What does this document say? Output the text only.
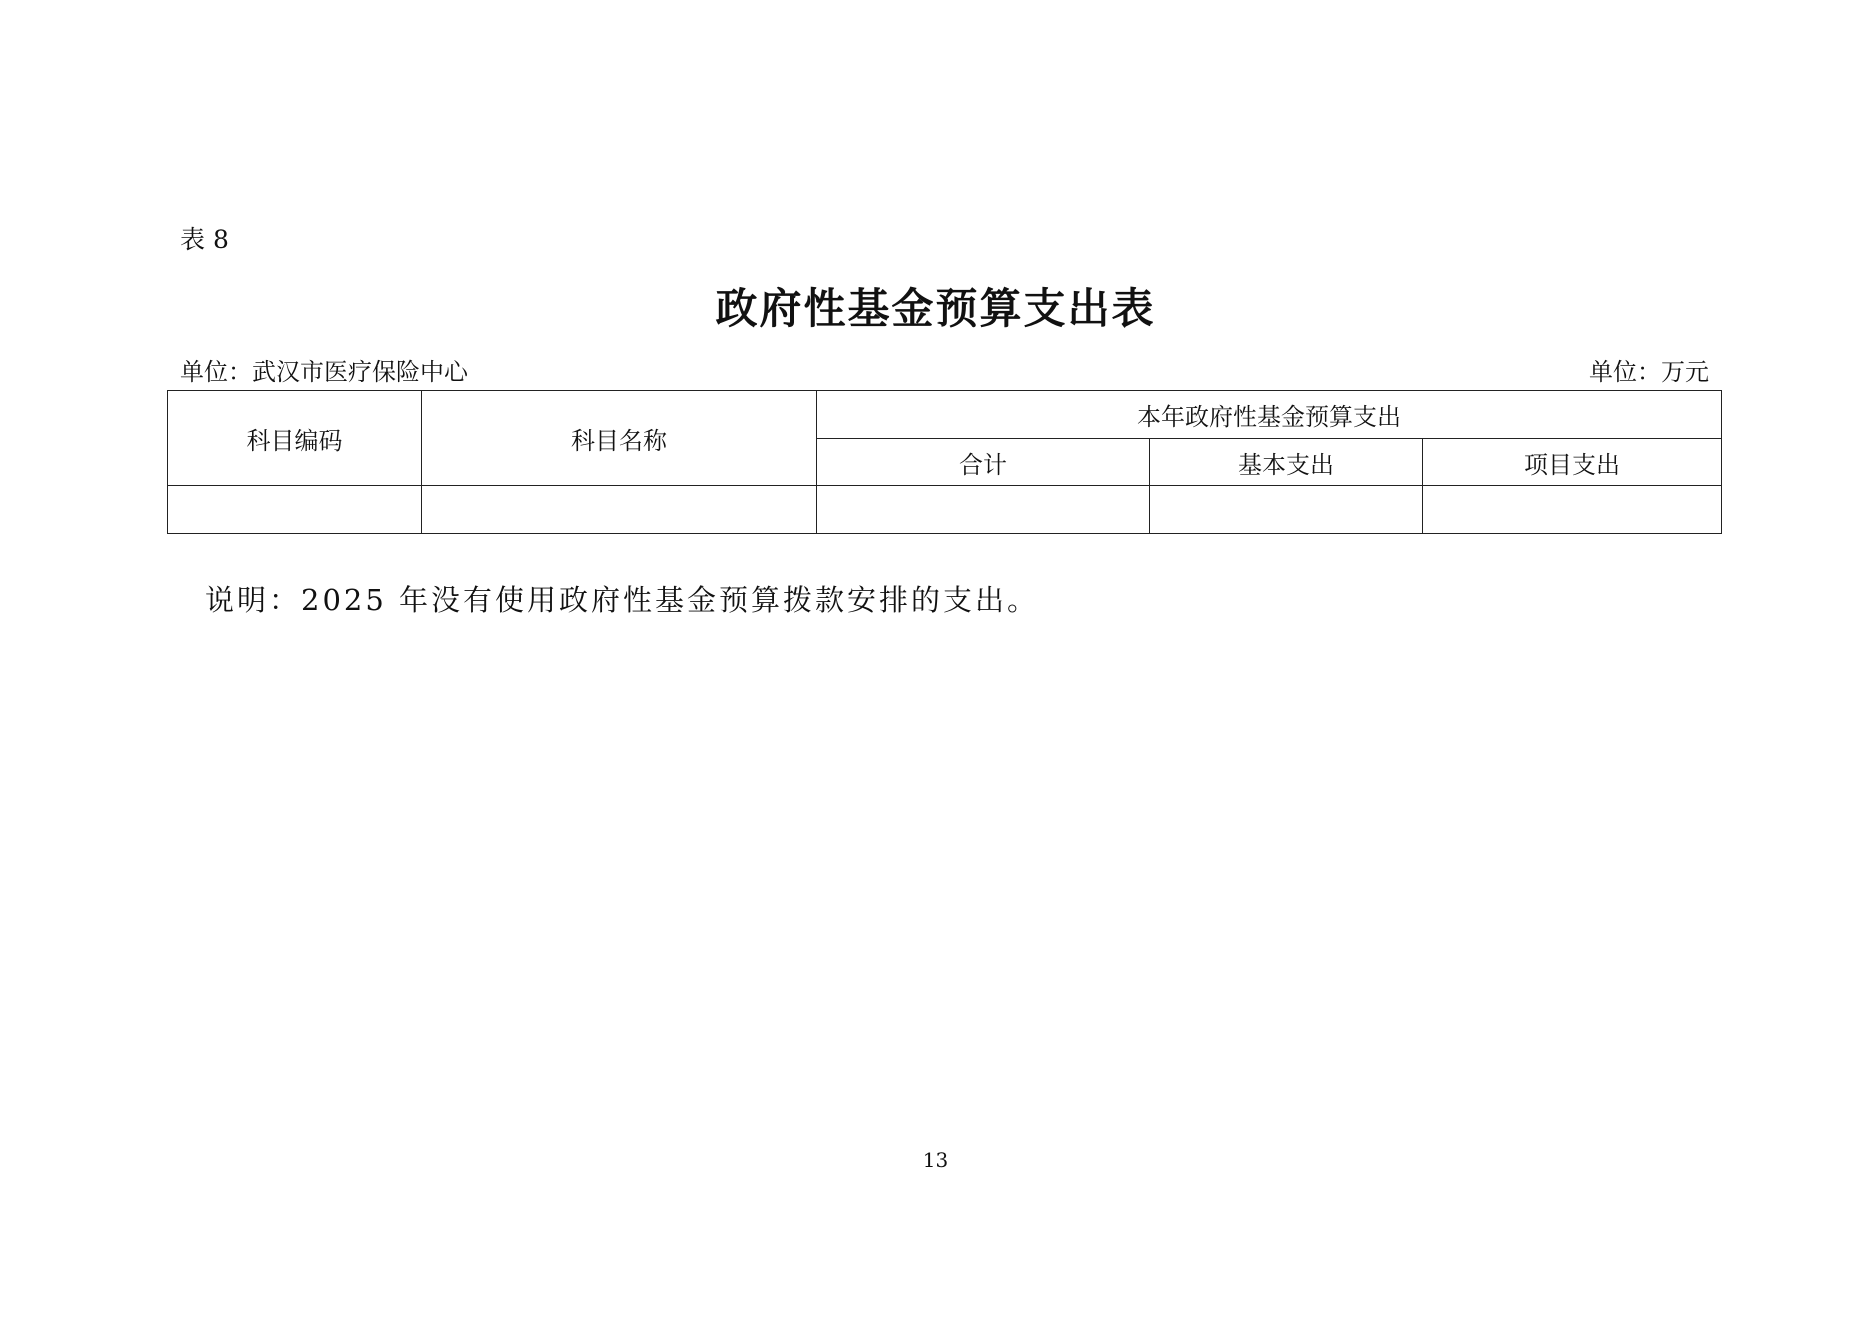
表 8
政府性基金预算支出表
单位：武汉市医疗保险中心	单位：万元
科目编码	科目名称	本年政府性基金预算支出		
		合计	基本支出	项目支出

说明：2025 年没有使用政府性基金预算拨款安排的支出。
13
